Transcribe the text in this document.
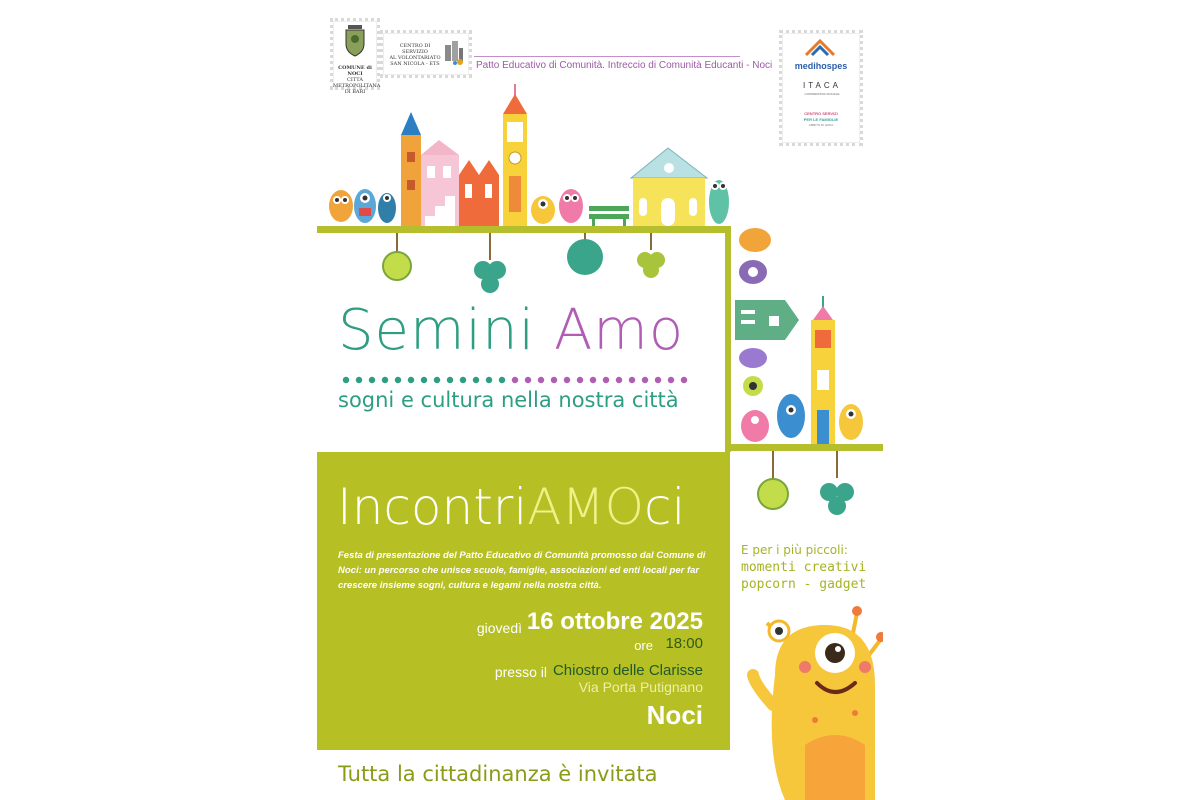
COMUNE di NOCI
CITTÀ
METROPOLITANA
DI BARI
CENTRO DI SERVIZIO
AL VOLONTARIATO
SAN NICOLA - ETS	Patto Educativo di Comunità. Intreccio di Comunità Educanti - Noci	medihospes
ITACA
COOPERATIVA SOCIALE
CENTRO SERVIZI
PER LE FAMIGLIE
AMBITO DI GIOIA
Semini Amo
sogni e cultura nella nostra città
IncontriAMOci
Festa di presentazione del Patto Educativo di Comunità promosso dal Comune di Noci: un percorso che unisce scuole, famiglie, associazioni ed enti locali per far crescere insieme sogni, cultura e legami nella nostra città.
giovedì 16 ottobre 2025
ore 18:00
presso il Chiostro delle Clarisse
Via Porta Putignano
Noci
Tutta la cittadinanza è invitata
E per i più piccoli:
momenti creativi
popcorn - gadget
